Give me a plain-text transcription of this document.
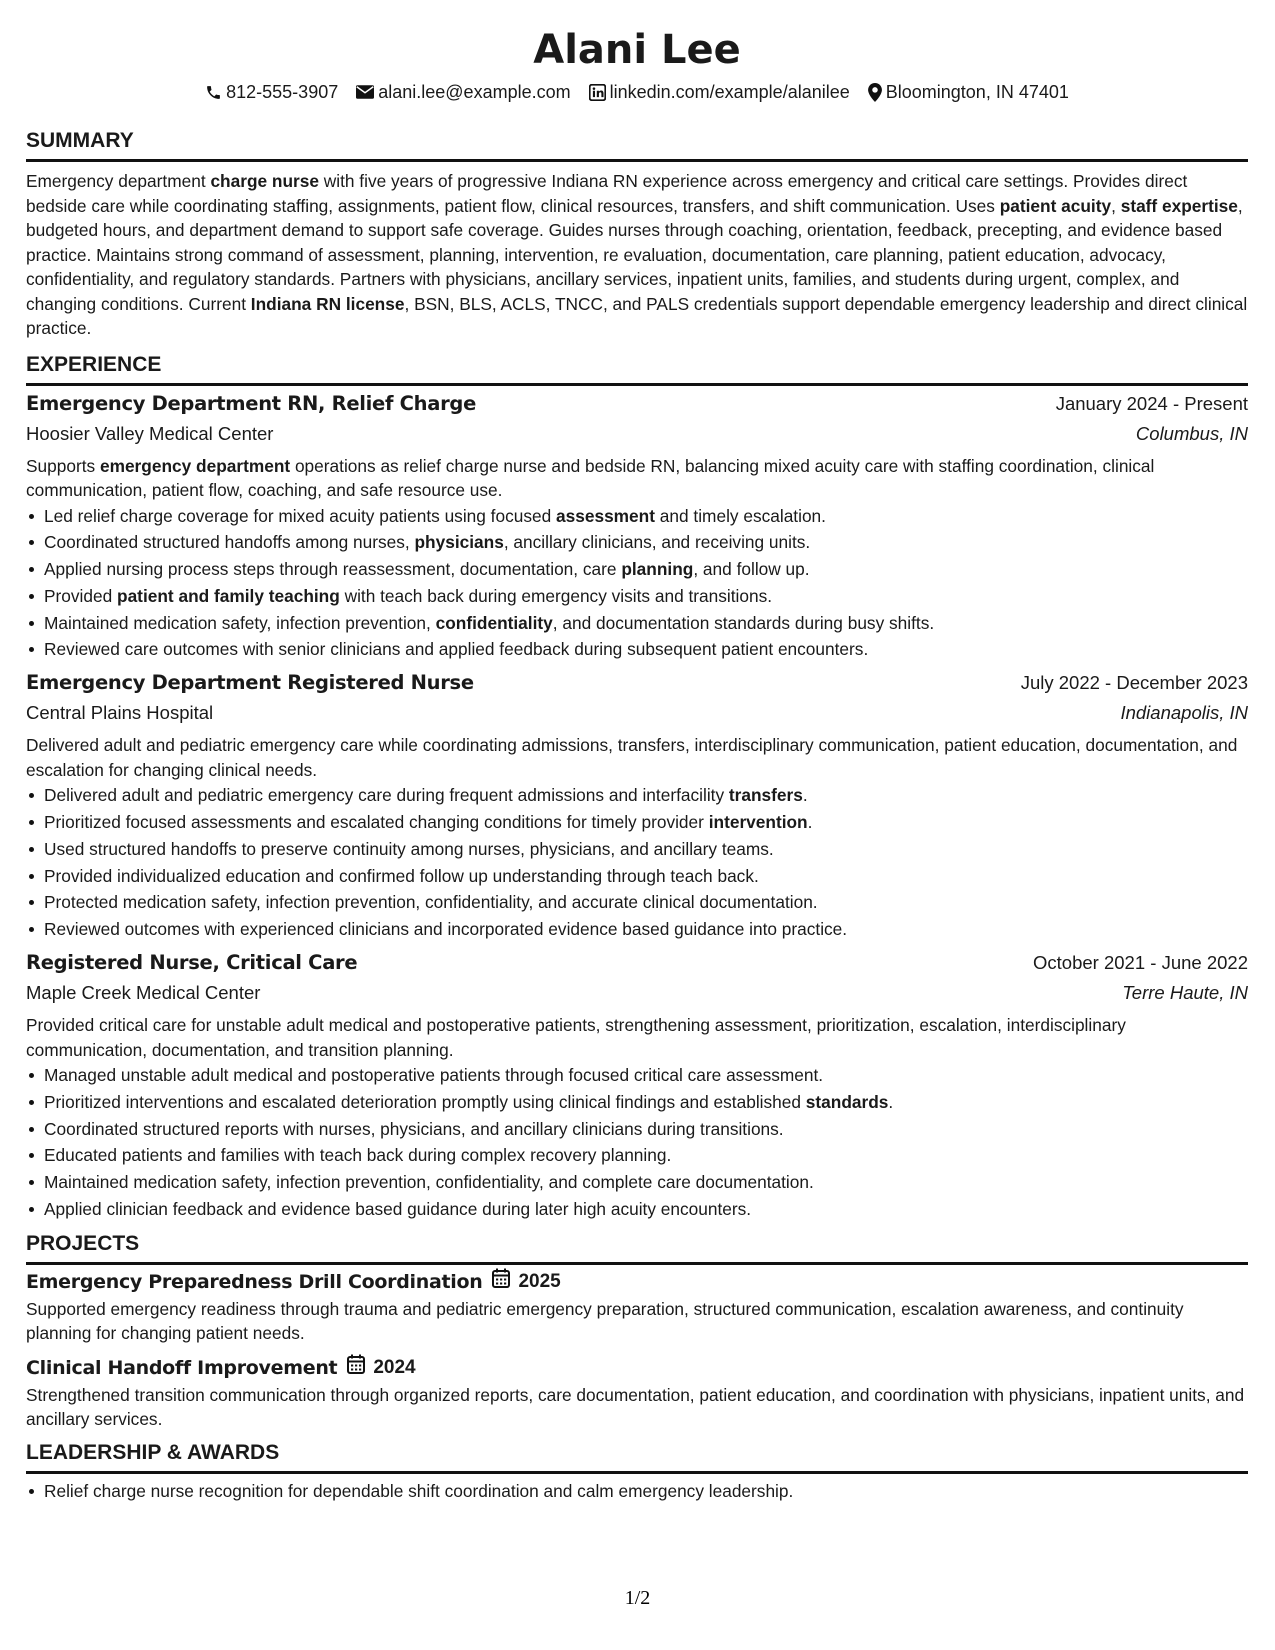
Alani Lee
812-555-3907 alani.lee@example.com linkedin.com/example/alanilee Bloomington, IN 47401
SUMMARY

Emergency department charge nurse with five years of progressive Indiana RN experience across emergency and critical care settings. Provides direct bedside care while coordinating staffing, assignments, patient flow, clinical resources, transfers, and shift communication. Uses patient acuity, staff expertise, budgeted hours, and department demand to support safe coverage. Guides nurses through coaching, orientation, feedback, precepting, and evidence based practice. Maintains strong command of assessment, planning, intervention, re evaluation, documentation, care planning, patient education, advocacy, confidentiality, and regulatory standards. Partners with physicians, ancillary services, inpatient units, families, and students during urgent, complex, and changing conditions. Current Indiana RN license, BSN, BLS, ACLS, TNCC, and PALS credentials support dependable emergency leadership and direct clinical practice.

EXPERIENCE
Emergency Department RN, Relief Charge	January 2024 - Present
Hoosier Valley Medical Center	Columbus, IN

Supports emergency department operations as relief charge nurse and bedside RN, balancing mixed acuity care with staffing coordination, clinical communication, patient flow, coaching, and safe resource use.

Led relief charge coverage for mixed acuity patients using focused assessment and timely escalation.
Coordinated structured handoffs among nurses, physicians, ancillary clinicians, and receiving units.
Applied nursing process steps through reassessment, documentation, care planning, and follow up.
Provided patient and family teaching with teach back during emergency visits and transitions.
Maintained medication safety, infection prevention, confidentiality, and documentation standards during busy shifts.
Reviewed care outcomes with senior clinicians and applied feedback during subsequent patient encounters.
Emergency Department Registered Nurse	July 2022 - December 2023
Central Plains Hospital	Indianapolis, IN

Delivered adult and pediatric emergency care while coordinating admissions, transfers, interdisciplinary communication, patient education, documentation, and escalation for changing clinical needs.

Delivered adult and pediatric emergency care during frequent admissions and interfacility transfers.
Prioritized focused assessments and escalated changing conditions for timely provider intervention.
Used structured handoffs to preserve continuity among nurses, physicians, and ancillary teams.
Provided individualized education and confirmed follow up understanding through teach back.
Protected medication safety, infection prevention, confidentiality, and accurate clinical documentation.
Reviewed outcomes with experienced clinicians and incorporated evidence based guidance into practice.
Registered Nurse, Critical Care	October 2021 - June 2022
Maple Creek Medical Center	Terre Haute, IN

Provided critical care for unstable adult medical and postoperative patients, strengthening assessment, prioritization, escalation, interdisciplinary communication, documentation, and transition planning.

Managed unstable adult medical and postoperative patients through focused critical care assessment.
Prioritized interventions and escalated deterioration promptly using clinical findings and established standards.
Coordinated structured reports with nurses, physicians, and ancillary clinicians during transitions.
Educated patients and families with teach back during complex recovery planning.
Maintained medication safety, infection prevention, confidentiality, and complete care documentation.
Applied clinician feedback and evidence based guidance during later high acuity encounters.
PROJECTS
Emergency Preparedness Drill Coordination 2025

Supported emergency readiness through trauma and pediatric emergency preparation, structured communication, escalation awareness, and continuity planning for changing patient needs.

Clinical Handoff Improvement 2024

Strengthened transition communication through organized reports, care documentation, patient education, and coordination with physicians, inpatient units, and ancillary services.

LEADERSHIP & AWARDS
Relief charge nurse recognition for dependable shift coordination and calm emergency leadership.
1/2
